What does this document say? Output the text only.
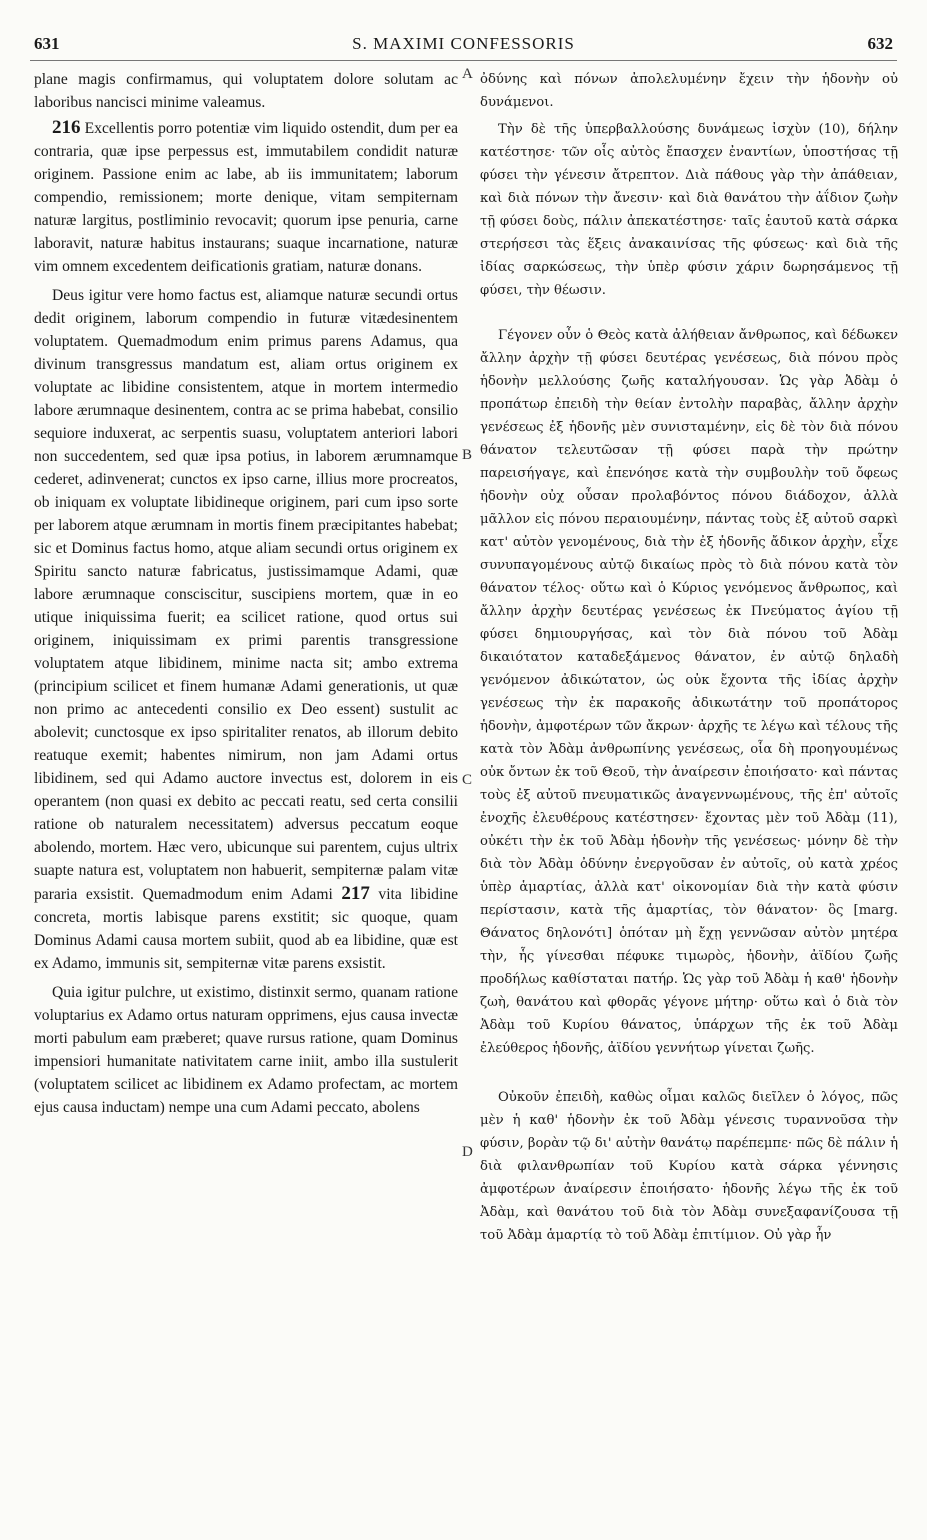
631	S. MAXIMI CONFESSORIS	632
A
B
C
D

plane magis confirmamus, qui voluptatem dolore solutam ac laboribus nancisci minime valeamus.

216 Excellentis porro potentiæ vim liquido ostendit, dum per ea contraria, quæ ipse perpessus est, immutabilem condidit naturæ originem. Passione enim ac labe, ab iis immunitatem; laborum compendio, remissionem; morte denique, vitam sempiternam naturæ largitus, postliminio revocavit; quorum ipse penuria, carne laboravit, naturæ habitus instaurans; suaque incarnatione, naturæ vim omnem excedentem deificationis gratiam, naturæ donans.

Deus igitur vere homo factus est, aliamque naturæ secundi ortus dedit originem, laborum compendio in futuræ vitædesinentem voluptatem. Quemadmodum enim primus parens Adamus, qua divinum transgressus mandatum est, aliam ortus originem ex voluptate ac libidine consistentem, atque in mortem intermedio labore ærumnaque desinentem, contra ac se prima habebat, consilio sequiore induxerat, ac serpentis suasu, voluptatem anteriori labori non succedentem, sed quæ ipsa potius, in laborem ærumnamque cederet, adinvenerat; cunctos ex ipso carne, illius more procreatos, ob iniquam ex voluptate libidineque originem, pari cum ipso sorte per laborem atque ærumnam in mortis finem præcipitantes habebat; sic et Dominus factus homo, atque aliam secundi ortus originem ex Spiritu sancto naturæ fabricatus, justissimamque Adami, quæ labore ærumnaque consciscitur, suscipiens mortem, quæ in eo utique iniquissima fuerit; ea scilicet ratione, quod ortus sui originem, iniquissimam ex primi parentis transgressione voluptatem atque libidinem, minime nacta sit; ambo extrema (principium scilicet et finem humanæ Adami generationis, ut quæ non primo ac antecedenti consilio ex Deo essent) sustulit ac abolevit; cunctosque ex ipso spiritaliter renatos, ab illorum debito reatuque exemit; habentes nimirum, non jam Adami ortus libidinem, sed qui Adamo auctore invectus est, dolorem in eis operantem (non quasi ex debito ac peccati reatu, sed certa consilii ratione ob naturalem necessitatem) adversus peccatum eoque abolendo, mortem. Hæc vero, ubicunque sui parentem, cujus ultrix suapte natura est, voluptatem non habuerit, sempiternæ palam vitæ pararia exsistit. Quemadmodum enim Adami 217 vita libidine concreta, mortis labisque parens exstitit; sic quoque, quam Dominus Adami causa mortem subiit, quod ab ea libidine, quæ est ex Adamo, immunis sit, sempiternæ vitæ parens exsistit.

Quia igitur pulchre, ut existimo, distinxit sermo, quanam ratione voluptarius ex Adamo ortus naturam opprimens, ejus causa invectæ morti pabulum eam præberet; quave rursus ratione, quam Dominus impensiori humanitate nativitatem carne iniit, ambo illa sustulerit (voluptatem scilicet ac libidinem ex Adamo profectam, ac mortem ejus causa inductam) nempe una cum Adami peccato, abolens

ὀδύνης καὶ πόνων ἀπολελυμένην ἔχειν τὴν ἡδονὴν οὐ δυνάμενοι.

Τὴν δὲ τῆς ὑπερβαλλούσης δυνάμεως ἰσχὺν (10), δήλην κατέστησε· τῶν οἷς αὐτὸς ἔπασχεν ἐναντίων, ὑποστήσας τῇ φύσει τὴν γένεσιν ἄτρεπτον. Διὰ πάθους γὰρ τὴν ἀπάθειαν, καὶ διὰ πόνων τὴν ἄνεσιν· καὶ διὰ θανάτου τὴν ἀΐδιον ζωὴν τῇ φύσει δοὺς, πάλιν ἀπεκατέστησε· ταῖς ἑαυτοῦ κατὰ σάρκα στερήσεσι τὰς ἕξεις ἀνακαινίσας τῆς φύσεως· καὶ διὰ τῆς ἰδίας σαρκώσεως, τὴν ὑπὲρ φύσιν χάριν δωρησάμενος τῇ φύσει, τὴν θέωσιν.

Γέγονεν οὖν ὁ Θεὸς κατὰ ἀλήθειαν ἄνθρωπος, καὶ δέδωκεν ἄλλην ἀρχὴν τῇ φύσει δευτέρας γενέσεως, διὰ πόνου πρὸς ἡδονὴν μελλούσης ζωῆς καταλήγουσαν. Ὡς γὰρ Ἀδὰμ ὁ προπάτωρ ἐπειδὴ τὴν θείαν ἐντολὴν παραβὰς, ἄλλην ἀρχὴν γενέσεως ἐξ ἡδονῆς μὲν συνισταμένην, εἰς δὲ τὸν διὰ πόνου θάνατον τελευτῶσαν τῇ φύσει παρὰ τὴν πρώτην παρεισήγαγε, καὶ ἐπενόησε κατὰ τὴν συμβουλὴν τοῦ ὄφεως ἡδονὴν οὐχ οὖσαν προλαβόντος πόνου διάδοχον, ἀλλὰ μᾶλλον εἰς πόνου περαιουμένην, πάντας τοὺς ἐξ αὐτοῦ σαρκὶ κατ' αὐτὸν γενομένους, διὰ τὴν ἐξ ἡδονῆς ἄδικον ἀρχὴν, εἶχε συνυπαγομένους αὐτῷ δικαίως πρὸς τὸ διὰ πόνου κατὰ τὸν θάνατον τέλος· οὕτω καὶ ὁ Κύριος γενόμενος ἄνθρωπος, καὶ ἄλλην ἀρχὴν δευτέρας γενέσεως ἐκ Πνεύματος ἁγίου τῇ φύσει δημιουργήσας, καὶ τὸν διὰ πόνου τοῦ Ἀδὰμ δικαιότατον καταδεξάμενος θάνατον, ἐν αὐτῷ δηλαδὴ γενόμενον ἀδικώτατον, ὡς οὐκ ἔχοντα τῆς ἰδίας ἀρχὴν γενέσεως τὴν ἐκ παρακοῆς ἀδικωτάτην τοῦ προπάτορος ἡδονὴν, ἀμφοτέρων τῶν ἄκρων· ἀρχῆς τε λέγω καὶ τέλους τῆς κατὰ τὸν Ἀδὰμ ἀνθρωπίνης γενέσεως, οἷα δὴ προηγουμένως οὐκ ὄντων ἐκ τοῦ Θεοῦ, τὴν ἀναίρεσιν ἐποιήσατο· καὶ πάντας τοὺς ἐξ αὐτοῦ πνευματικῶς ἀναγεννωμένους, τῆς ἐπ' αὐτοῖς ἐνοχῆς ἐλευθέρους κατέστησεν· ἔχοντας μὲν τοῦ Ἀδὰμ (11), οὐκέτι τὴν ἐκ τοῦ Ἀδὰμ ἡδονὴν τῆς γενέσεως· μόνην δὲ τὴν διὰ τὸν Ἀδὰμ ὀδύνην ἐνεργοῦσαν ἐν αὐτοῖς, οὐ κατὰ χρέος ὑπὲρ ἁμαρτίας, ἀλλὰ κατ' οἰκονομίαν διὰ τὴν κατὰ φύσιν περίστασιν, κατὰ τῆς ἁμαρτίας, τὸν θάνατον· ὃς [marg. Θάνατος δηλονότι] ὁπόταν μὴ ἔχῃ γεννῶσαν αὐτὸν μητέρα τὴν, ἧς γίνεσθαι πέφυκε τιμωρὸς, ἡδονὴν, ἀϊδίου ζωῆς προδήλως καθίσταται πατήρ. Ὡς γὰρ τοῦ Ἀδὰμ ἡ καθ' ἡδονὴν ζωὴ, θανάτου καὶ φθορᾶς γέγονε μήτηρ· οὕτω καὶ ὁ διὰ τὸν Ἀδὰμ τοῦ Κυρίου θάνατος, ὑπάρχων τῆς ἐκ τοῦ Ἀδὰμ ἐλεύθερος ἡδονῆς, ἀϊδίου γεννήτωρ γίνεται ζωῆς.

Οὐκοῦν ἐπειδὴ, καθὼς οἶμαι καλῶς διεῖλεν ὁ λόγος, πῶς μὲν ἡ καθ' ἡδονὴν ἐκ τοῦ Ἀδὰμ γένεσις τυραννοῦσα τὴν φύσιν, βορὰν τῷ δι' αὐτὴν θανάτῳ παρέπεμπε· πῶς δὲ πάλιν ἡ διὰ φιλανθρωπίαν τοῦ Κυρίου κατὰ σάρκα γέννησις ἀμφοτέρων ἀναίρεσιν ἐποιήσατο· ἡδονῆς λέγω τῆς ἐκ τοῦ Ἀδὰμ, καὶ θανάτου τοῦ διὰ τὸν Ἀδὰμ συνεξαφανίζουσα τῇ τοῦ Ἀδὰμ ἁμαρτίᾳ τὸ τοῦ Ἀδὰμ ἐπιτίμιον. Οὐ γὰρ ἦν
